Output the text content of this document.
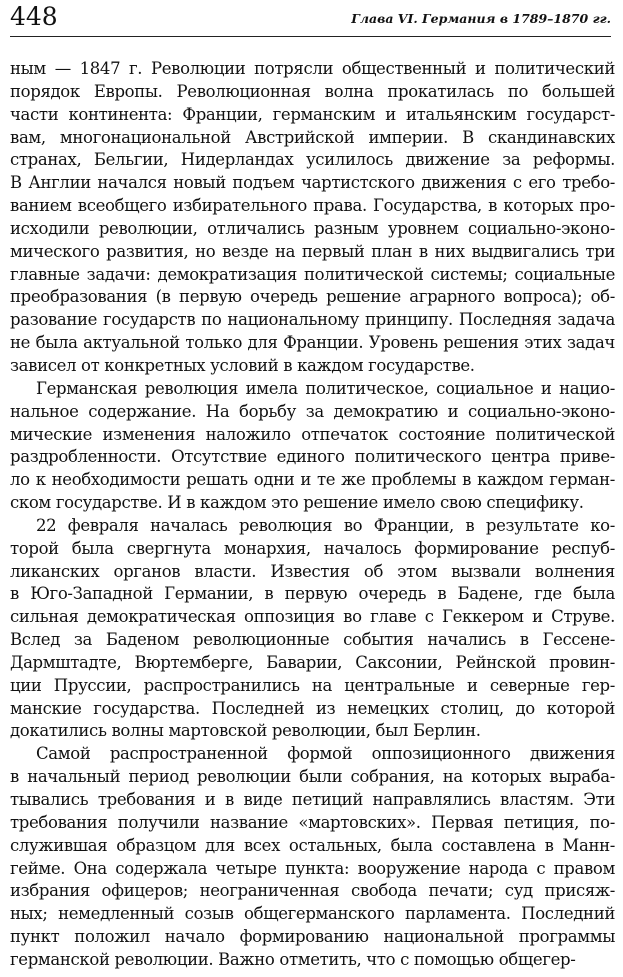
448	Глава VI. Германия в 1789–1870 гг.
ным — 1847 г. Революции потрясли общественный и политический
порядок Европы. Революционная волна прокатилась по большей
части континента: Франции, германским и итальянским государст-
вам, многонациональной Австрийской империи. В скандинавских
странах, Бельгии, Нидерландах усилилось движение за реформы.
В Англии начался новый подъем чартистского движения с его требо-
ванием всеобщего избирательного права. Государства, в которых про-
исходили революции, отличались разным уровнем социально-эконо-
мического развития, но везде на первый план в них выдвигались три
главные задачи: демократизация политической системы; социальные
преобразования (в первую очередь решение аграрного вопроса); об-
разование государств по национальному принципу. Последняя задача
не была актуальной только для Франции. Уровень решения этих задач
зависел от конкретных условий в каждом государстве.
Германская революция имела политическое, социальное и нацио-
нальное содержание. На борьбу за демократию и социально-эконо-
мические изменения наложило отпечаток состояние политической
раздробленности. Отсутствие единого политического центра приве-
ло к необходимости решать одни и те же проблемы в каждом герман-
ском государстве. И в каждом это решение имело свою специфику.
22 февраля началась революция во Франции, в результате ко-
торой была свергнута монархия, началось формирование респуб-
ликанских органов власти. Известия об этом вызвали волнения
в Юго-Западной Германии, в первую очередь в Бадене, где была
сильная демократическая оппозиция во главе с Геккером и Струве.
Вслед за Баденом революционные события начались в Гессене-
Дармштадте, Вюртемберге, Баварии, Саксонии, Рейнской провин-
ции Пруссии, распространились на центральные и северные гер-
манские государства. Последней из немецких столиц, до которой
докатились волны мартовской революции, был Берлин.
Самой распространенной формой оппозиционного движения
в начальный период революции были собрания, на которых выраба-
тывались требования и в виде петиций направлялись властям. Эти
требования получили название «мартовских». Первая петиция, по-
служившая образцом для всех остальных, была составлена в Манн-
гейме. Она содержала четыре пункта: вооружение народа с правом
избрания офицеров; неограниченная свобода печати; суд присяж-
ных; немедленный созыв общегерманского парламента. Последний
пункт положил начало формированию национальной программы
германской революции. Важно отметить, что с помощью общегер-
